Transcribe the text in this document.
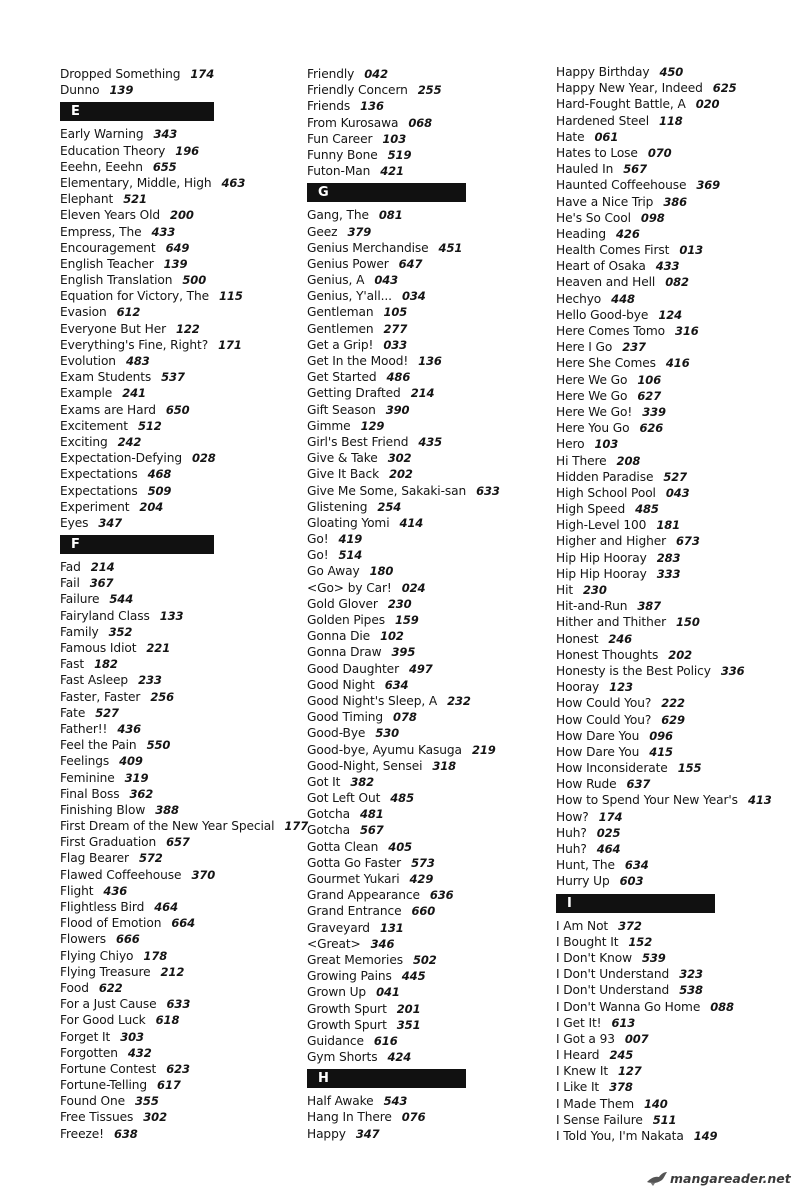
Dropped Something 174
Dunno 139
E
Early Warning 343
Education Theory 196
Eeehn, Eeehn 655
Elementary, Middle, High 463
Elephant 521
Eleven Years Old 200
Empress, The 433
Encouragement 649
English Teacher 139
English Translation 500
Equation for Victory, The 115
Evasion 612
Everyone But Her 122
Everything's Fine, Right? 171
Evolution 483
Exam Students 537
Example 241
Exams are Hard 650
Excitement 512
Exciting 242
Expectation-Defying 028
Expectations 468
Expectations 509
Experiment 204
Eyes 347
F
Fad 214
Fail 367
Failure 544
Fairyland Class 133
Family 352
Famous Idiot 221
Fast 182
Fast Asleep 233
Faster, Faster 256
Fate 527
Father!! 436
Feel the Pain 550
Feelings 409
Feminine 319
Final Boss 362
Finishing Blow 388
First Dream of the New Year Special 177
First Graduation 657
Flag Bearer 572
Flawed Coffeehouse 370
Flight 436
Flightless Bird 464
Flood of Emotion 664
Flowers 666
Flying Chiyo 178
Flying Treasure 212
Food 622
For a Just Cause 633
For Good Luck 618
Forget It 303
Forgotten 432
Fortune Contest 623
Fortune-Telling 617
Found One 355
Free Tissues 302
Freeze! 638
Friendly 042
Friendly Concern 255
Friends 136
From Kurosawa 068
Fun Career 103
Funny Bone 519
Futon-Man 421
G
Gang, The 081
Geez 379
Genius Merchandise 451
Genius Power 647
Genius, A 043
Genius, Y'all... 034
Gentleman 105
Gentlemen 277
Get a Grip! 033
Get In the Mood! 136
Get Started 486
Getting Drafted 214
Gift Season 390
Gimme 129
Girl's Best Friend 435
Give & Take 302
Give It Back 202
Give Me Some, Sakaki-san 633
Glistening 254
Gloating Yomi 414
Go! 419
Go! 514
Go Away 180
<Go> by Car! 024
Gold Glover 230
Golden Pipes 159
Gonna Die 102
Gonna Draw 395
Good Daughter 497
Good Night 634
Good Night's Sleep, A 232
Good Timing 078
Good-Bye 530
Good-bye, Ayumu Kasuga 219
Good-Night, Sensei 318
Got It 382
Got Left Out 485
Gotcha 481
Gotcha 567
Gotta Clean 405
Gotta Go Faster 573
Gourmet Yukari 429
Grand Appearance 636
Grand Entrance 660
Graveyard 131
<Great> 346
Great Memories 502
Growing Pains 445
Grown Up 041
Growth Spurt 201
Growth Spurt 351
Guidance 616
Gym Shorts 424
H
Half Awake 543
Hang In There 076
Happy 347
Happy Birthday 450
Happy New Year, Indeed 625
Hard-Fought Battle, A 020
Hardened Steel 118
Hate 061
Hates to Lose 070
Hauled In 567
Haunted Coffeehouse 369
Have a Nice Trip 386
He's So Cool 098
Heading 426
Health Comes First 013
Heart of Osaka 433
Heaven and Hell 082
Hechyo 448
Hello Good-bye 124
Here Comes Tomo 316
Here I Go 237
Here She Comes 416
Here We Go 106
Here We Go 627
Here We Go! 339
Here You Go 626
Hero 103
Hi There 208
Hidden Paradise 527
High School Pool 043
High Speed 485
High-Level 100 181
Higher and Higher 673
Hip Hip Hooray 283
Hip Hip Hooray 333
Hit 230
Hit-and-Run 387
Hither and Thither 150
Honest 246
Honest Thoughts 202
Honesty is the Best Policy 336
Hooray 123
How Could You? 222
How Could You? 629
How Dare You 096
How Dare You 415
How Inconsiderate 155
How Rude 637
How to Spend Your New Year's 413
How? 174
Huh? 025
Huh? 464
Hunt, The 634
Hurry Up 603
I
I Am Not 372
I Bought It 152
I Don't Know 539
I Don't Understand 323
I Don't Understand 538
I Don't Wanna Go Home 088
I Get It! 613
I Got a 93 007
I Heard 245
I Knew It 127
I Like It 378
I Made Them 140
I Sense Failure 511
I Told You, I'm Nakata 149
mangareader.net
